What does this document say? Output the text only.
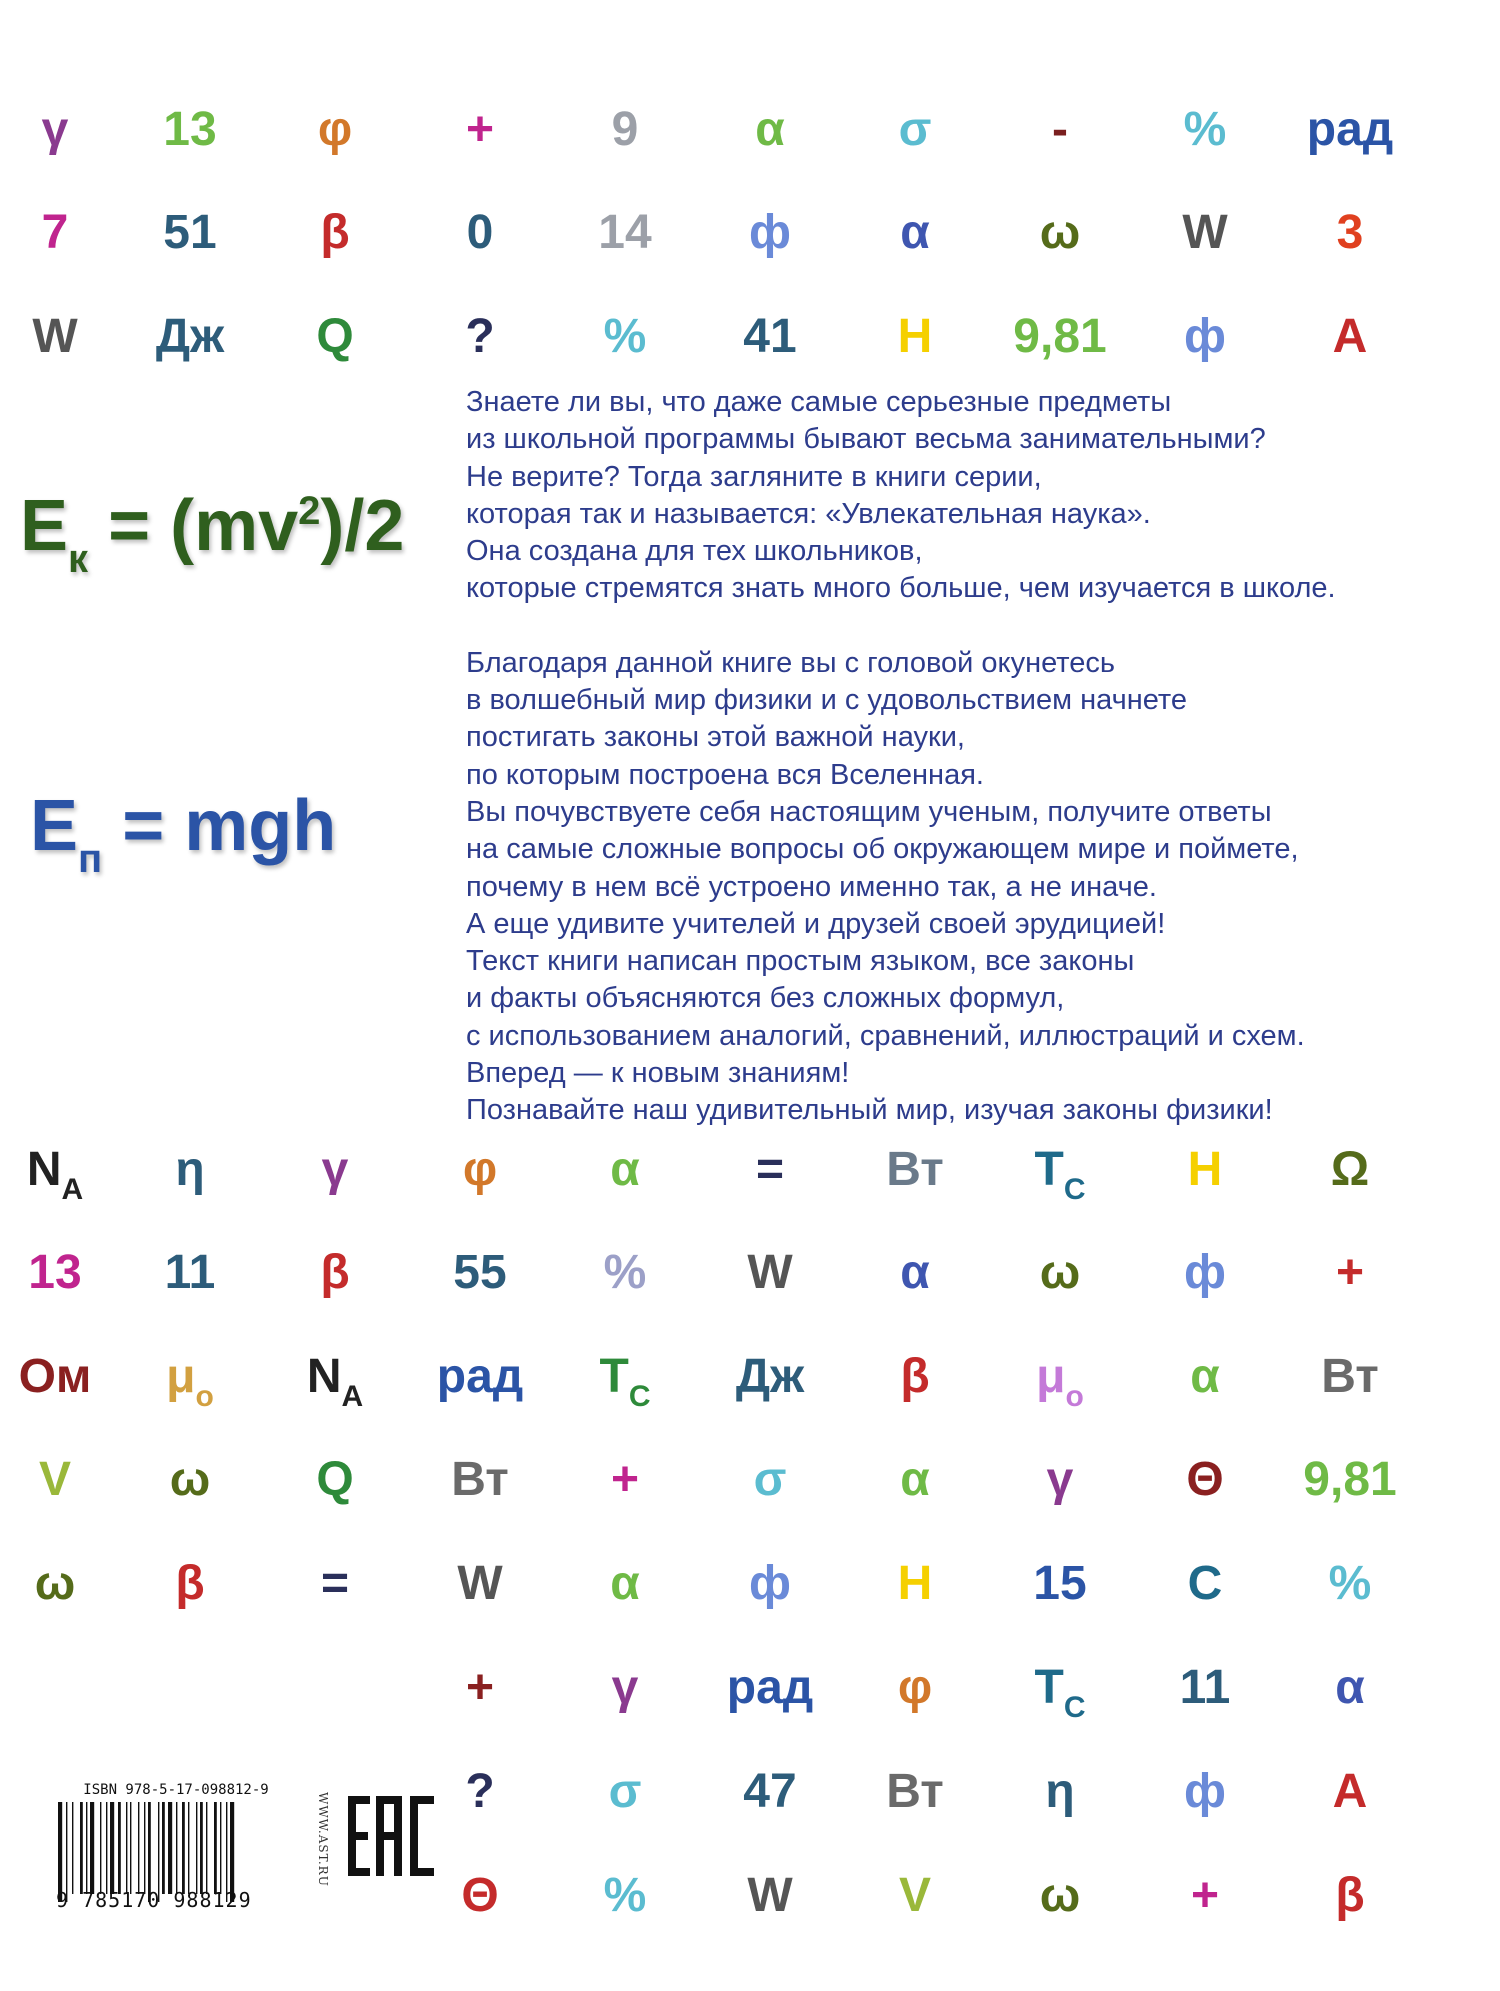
γ 13 φ + 9 α σ	- % рад
7 51 β 0 14 ф α ω W 3
W Дж Q ? % 41 Н 9,81 ф А
$E_к = (mv^2)/2$
$E_п$ = mgh

Знаете ли вы, что даже самые серьезные предметы
из школьной программы бывают весьма занимательными?
Не верите? Тогда загляните в книги серии,
которая так и называется: «Увлекательная наука».
Она создана для тех школьников,
которые стремятся знать много больше, чем изучается в школе.

Благодаря данной книге вы с головой окунетесь
в волшебный мир физики и с удовольствием начнете
постигать законы этой важной науки,
по которым построена вся Вселенная.
Вы почувствуете себя настоящим ученым, получите ответы
на самые сложные вопросы об окружающем мире и поймете,
почему в нем всё устроено именно так, а не иначе.
А еще удивите учителей и друзей своей эрудицией!
Текст книги написан простым языком, все законы
и факты объясняются без сложных формул,
с использованием аналогий, сравнений, иллюстраций и схем.
Вперед — к новым знаниям!
Познавайте наш удивительный мир, изучая законы физики!

$N_A$ η γ φ α = Вт $T_C$ Н Ω
13 11 β 55 % W α ω ф +
Ом $\mu_o$ $N_A$ рад $T_C$ Дж β $\mu_o$ α Вт
V ω Q Вт + σ α γ Θ 9,81
ω β = W α ф Н 15 С %
+ γ рад φ $T_C$ 11 α
? σ 47 Вт η ф А
Θ % W V ω + β
ISBN 978-5-17-098812-9
9 785170 988129
WWW.AST.RU
